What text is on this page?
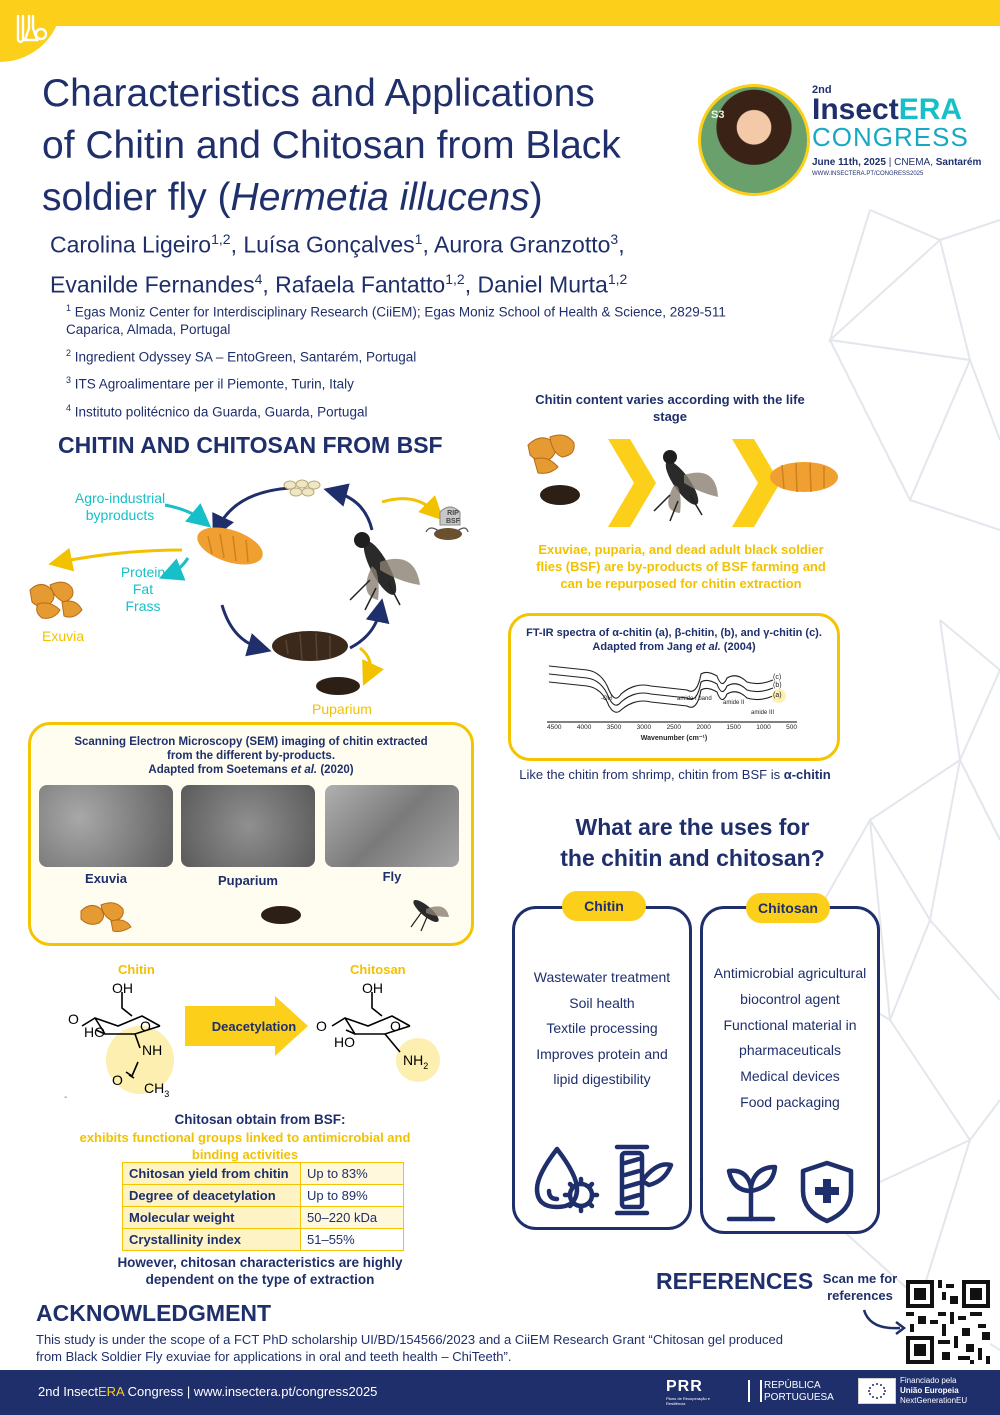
Characteristics and Applications
of Chitin and Chitosan from Black
soldier fly (Hermetia illucens)
Carolina Ligeiro$^{1,2}$, Luísa Gonçalves$^1$, Aurora Granzotto$^3$,
Evanilde Fernandes$^4$, Rafaela Fantatto$^{1,2}$, Daniel Murta$^{1,2}$
$^1$ Egas Moniz Center for Interdisciplinary Research (CiiEM); Egas Moniz School of Health & Science, 2829-511 Caparica, Almada, Portugal
$^2$ Ingredient Odyssey SA – EntoGreen, Santarém, Portugal
$^3$ ITS Agroalimentare per il Piemonte, Turin, Italy
$^4$ Instituto politécnico da Guarda, Guarda, Portugal
S3
2nd
InsectERA
CONGRESS
June 11th, 2025 | CNEMA, Santarém
WWW.INSECTERA.PT/CONGRESS2025
CHITIN AND CHITOSAN FROM BSF
Agro-industrial byproducts
Protein
Fat
Frass
Exuvia
Puparium
RIP
BSF
Scanning Electron Microscopy (SEM) imaging of chitin extracted
from the different by-products.
Adapted from Soetemans et al. (2020)
Exuvia	Puparium	Fly
Chitin	Chitosan
OH
O
O
HO
NH
O $CH_3$
-
Deacetylation
OH
O	O
HO
$NH_2$
Chitosan obtain from BSF:
exhibits functional groups linked to antimicrobial and binding activities
Chitosan yield from chitin	Up to 83%
Degree of deacetylation	Up to 89%
Molecular weight	50–220 kDa
Crystallinity index	51–55%
However, chitosan characteristics are highly dependent on the type of extraction
Chitin content varies according with the life stage
Exuviae, puparia, and dead adult black soldier flies (BSF) are by-products of BSF farming and can be repurposed for chitin extraction
FT-IR spectra of α-chitin (a), β-chitin, (b), and γ-chitin (c).
Adapted from Jang et al. (2004)
-OH	amide I band
amide II
amide III
(c)
(b)
(a)
4500 4000 3500 3000 2500 2000 1500 1000 500
Wavenumber (cm⁻¹)
Like the chitin from shrimp, chitin from BSF is α-chitin
What are the uses for
the chitin and chitosan?
Wastewater treatment
Soil health
Textile processing
Improves protein and lipid digestibility
Chitin
Antimicrobial agricultural biocontrol agent
Functional material in pharmaceuticals
Medical devices
Food packaging
Chitosan
REFERENCES Scan me for references
ACKNOWLEDGMENT
This study is under the scope of a FCT PhD scholarship UI/BD/154566/2023 and a CiiEM Research Grant “Chitosan gel produced from Black Soldier Fly exuviae for applications in oral and teeth health – ChiTeeth”.
2nd InsectERA Congress | www.insectera.pt/congress2025	PRR
Plano de Recuperação e Resiliência
REPÚBLICA
PORTUGUESA
Financiado pela
União Europeia
NextGenerationEU
